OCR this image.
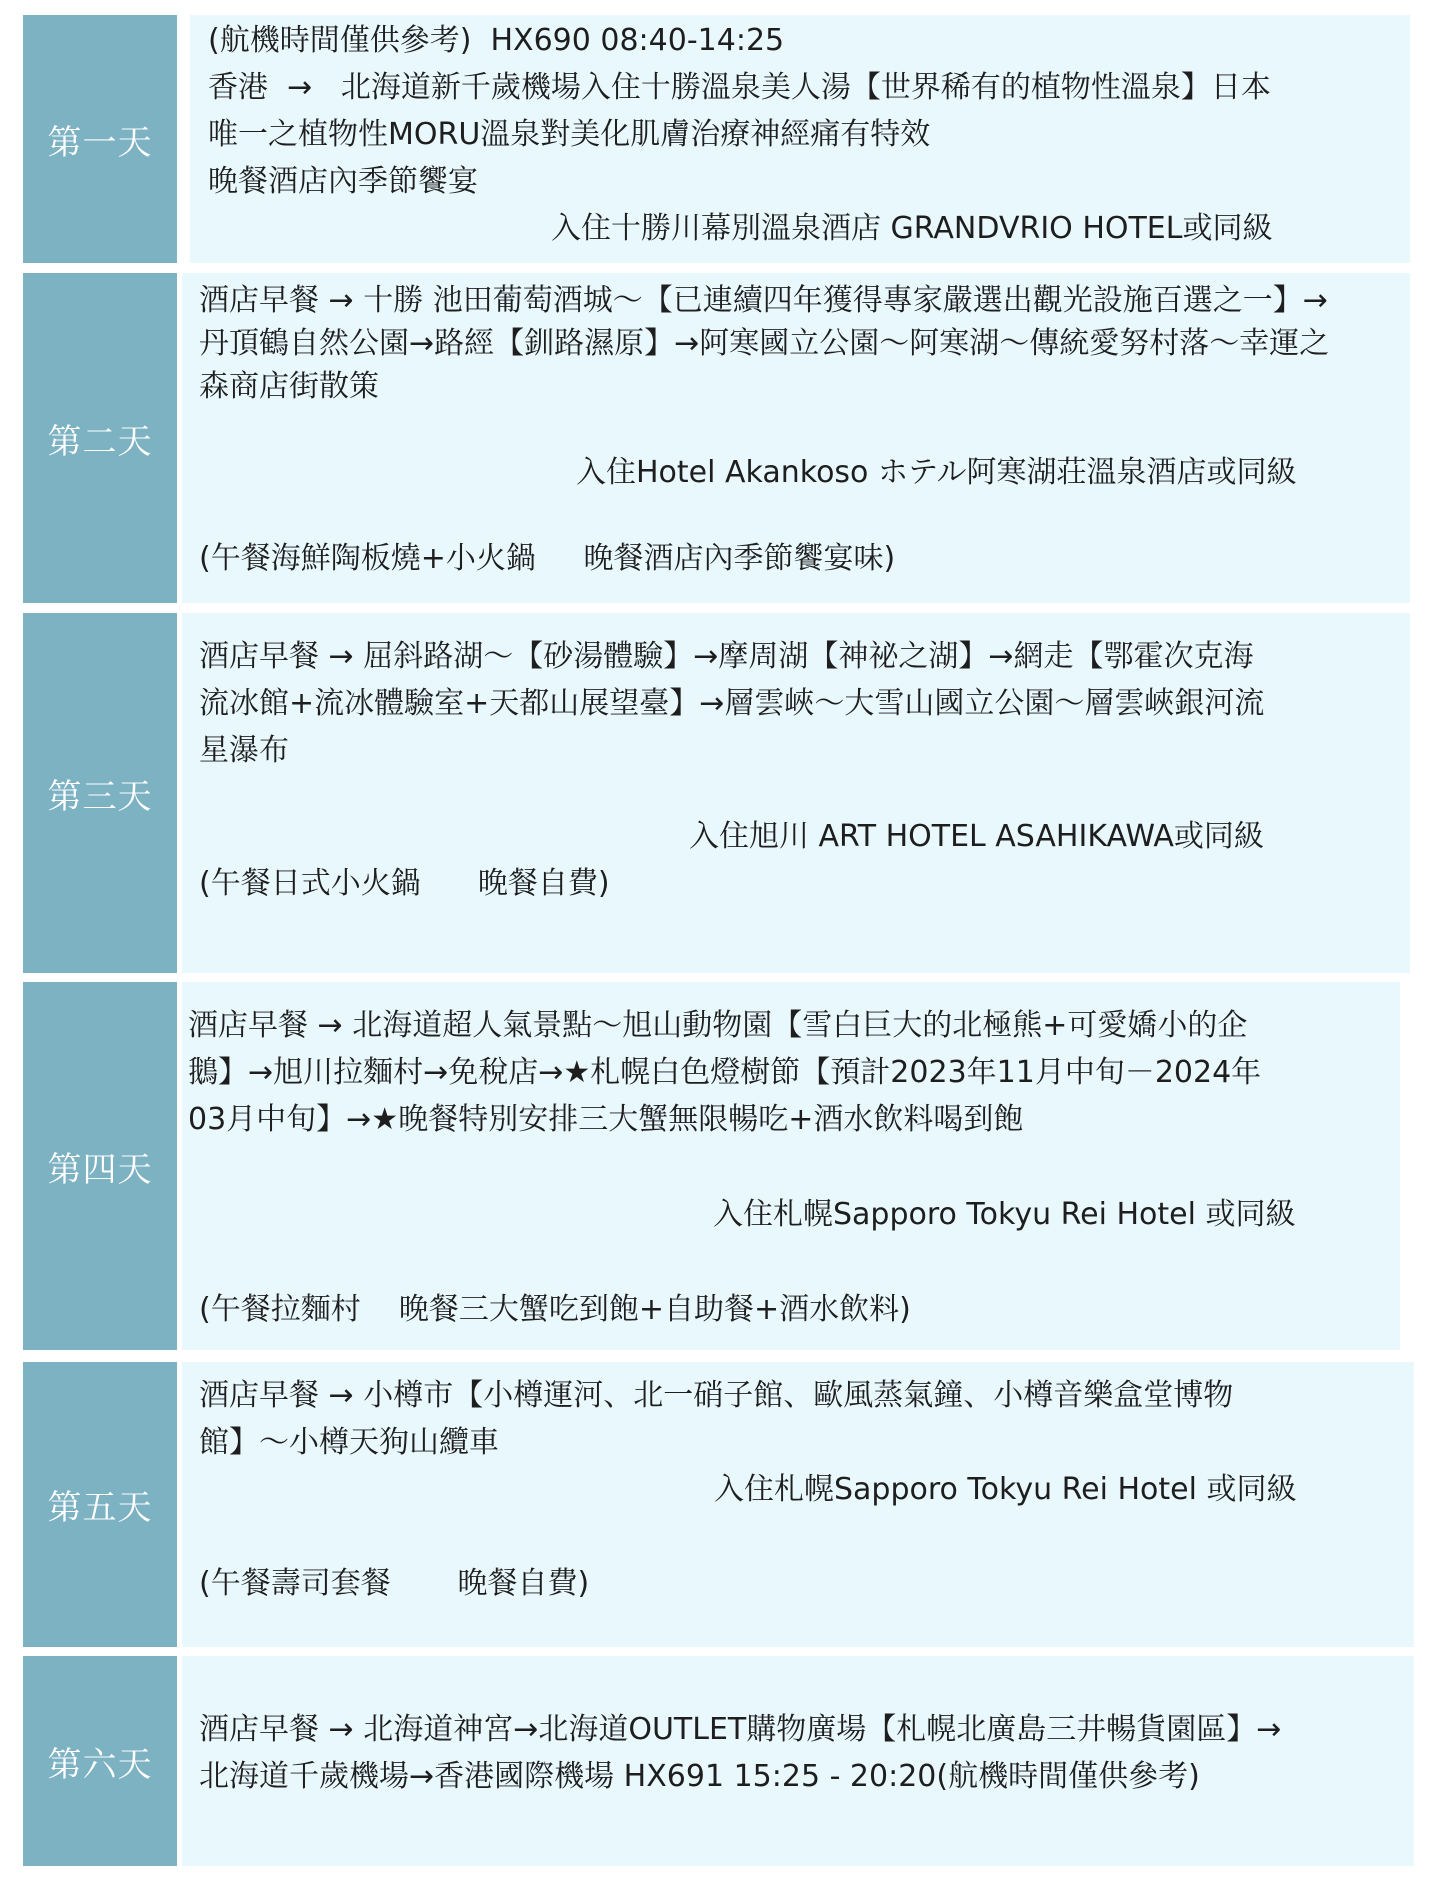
第一天
(航機時間僅供參考)  HX690 08:40-14:25
香港  →   北海道新千歲機場入住十勝溫泉美人湯【世界稀有的植物性溫泉】日本
唯一之植物性MORU溫泉對美化肌膚治療神經痛有特效
晚餐酒店內季節饗宴
入住十勝川幕別溫泉酒店 GRANDVRIO HOTEL或同級
第二天
酒店早餐 → 十勝 池田葡萄酒城〜【已連續四年獲得專家嚴選出觀光設施百選之一】→
丹頂鶴自然公園→路經【釧路濕原】→阿寒國立公園〜阿寒湖〜傳統愛努村落〜幸運之
森商店街散策
入住Hotel Akankoso ホテル阿寒湖荘溫泉酒店或同級
(午餐海鮮陶板燒+小火鍋     晚餐酒店內季節饗宴味)
第三天
酒店早餐 → 屈斜路湖〜【砂湯體驗】→摩周湖【神祕之湖】→網走【鄂霍次克海
流冰館+流冰體驗室+天都山展望臺】→層雲峽〜大雪山國立公園〜層雲峽銀河流
星瀑布
入住旭川 ART HOTEL ASAHIKAWA或同級
(午餐日式小火鍋      晚餐自費)
第四天
酒店早餐 → 北海道超人氣景點〜旭山動物園【雪白巨大的北極熊+可愛嬌小的企
鵝】→旭川拉麵村→免稅店→★札幌白色燈樹節【預計2023年11月中旬－2024年
03月中旬】→★晚餐特別安排三大蟹無限暢吃+酒水飲料喝到飽
入住札幌Sapporo Tokyu Rei Hotel 或同級
(午餐拉麵村    晚餐三大蟹吃到飽+自助餐+酒水飲料)
第五天
酒店早餐 → 小樽市【小樽運河、北一硝子館、歐風蒸氣鐘、小樽音樂盒堂博物
館】〜小樽天狗山纜車
入住札幌Sapporo Tokyu Rei Hotel 或同級
(午餐壽司套餐       晚餐自費)
第六天
酒店早餐 → 北海道神宮→北海道OUTLET購物廣場【札幌北廣島三井暢貨園區】→
北海道千歲機場→香港國際機場 HX691 15:25 - 20:20(航機時間僅供參考)
